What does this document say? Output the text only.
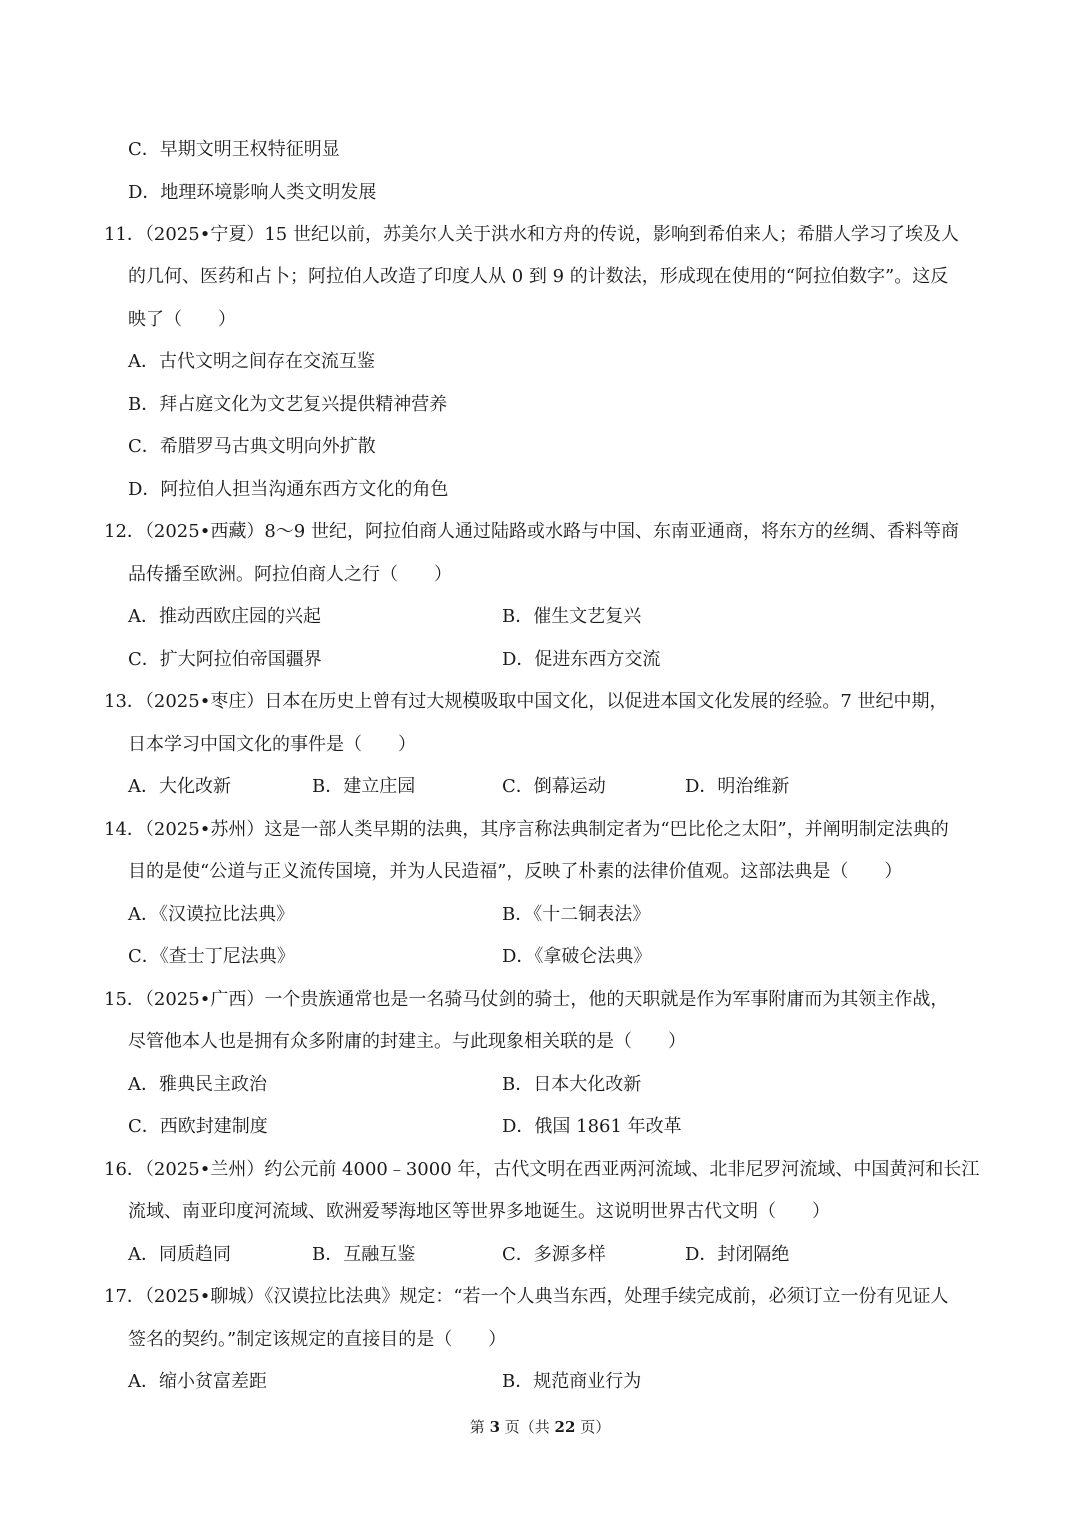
C．早期文明王权特征明显
D．地理环境影响人类文明发展
11．（2025•宁夏）15 世纪以前，苏美尔人关于洪水和方舟的传说，影响到希伯来人；希腊人学习了埃及人
的几何、医药和占卜；阿拉伯人改造了印度人从 0 到 9 的计数法，形成现在使用的“阿拉伯数字”。这反
映了（　　）
A．古代文明之间存在交流互鉴
B．拜占庭文化为文艺复兴提供精神营养
C．希腊罗马古典文明向外扩散
D．阿拉伯人担当沟通东西方文化的角色
12．（2025•西藏）8～9 世纪，阿拉伯商人通过陆路或水路与中国、东南亚通商，将东方的丝绸、香料等商
品传播至欧洲。阿拉伯商人之行（　　）
A．推动西欧庄园的兴起	B．催生文艺复兴
C．扩大阿拉伯帝国疆界	D．促进东西方交流
13．（2025•枣庄）日本在历史上曾有过大规模吸取中国文化，以促进本国文化发展的经验。7 世纪中期，
日本学习中国文化的事件是（　　）
A．大化改新	B．建立庄园	C．倒幕运动	D．明治维新
14．（2025•苏州）这是一部人类早期的法典，其序言称法典制定者为“巴比伦之太阳”，并阐明制定法典的
目的是使“公道与正义流传国境，并为人民造福”，反映了朴素的法律价值观。这部法典是（　　）
A．《汉谟拉比法典》	B．《十二铜表法》
C．《查士丁尼法典》	D．《拿破仑法典》
15．（2025•广西）一个贵族通常也是一名骑马仗剑的骑士，他的天职就是作为军事附庸而为其领主作战，
尽管他本人也是拥有众多附庸的封建主。与此现象相关联的是（　　）
A．雅典民主政治	B．日本大化改新
C．西欧封建制度	D．俄国 1861 年改革
16．（2025•兰州）约公元前 4000﹣3000 年，古代文明在西亚两河流域、北非尼罗河流域、中国黄河和长江
流域、南亚印度河流域、欧洲爱琴海地区等世界多地诞生。这说明世界古代文明（　　）
A．同质趋同	B．互融互鉴	C．多源多样	D．封闭隔绝
17．（2025•聊城）《汉谟拉比法典》规定：“若一个人典当东西，处理手续完成前，必须订立一份有见证人
签名的契约。”制定该规定的直接目的是（　　）
A．缩小贫富差距	B．规范商业行为
第 3 页（共 22 页）
